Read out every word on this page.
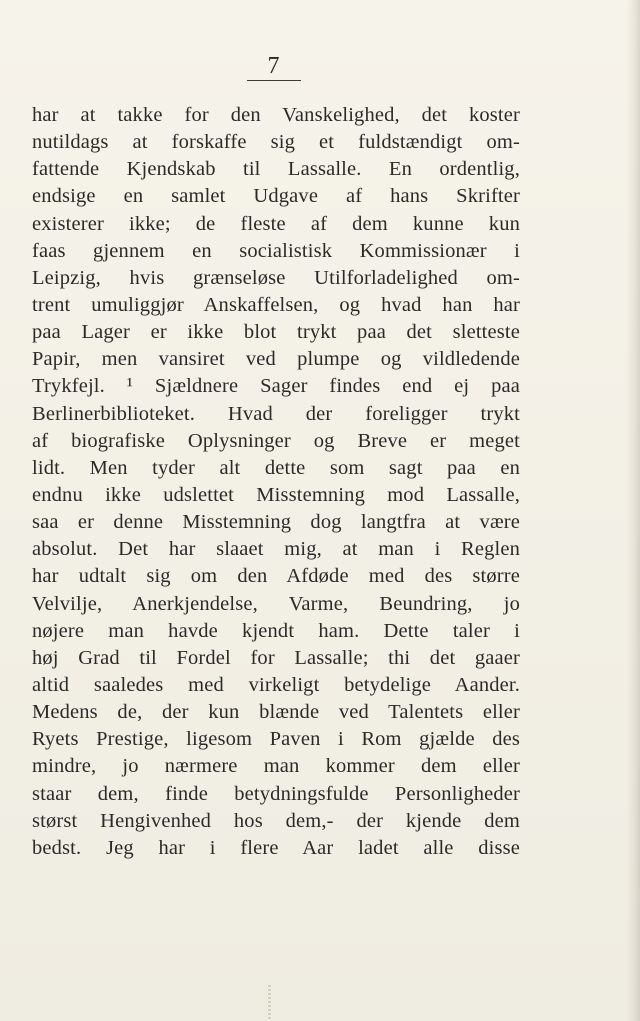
7
har at takke for den Vanskelighed, det koster
nutildags at forskaffe sig et fuldstændigt om-
fattende Kjendskab til Lassalle. En ordentlig,
endsige en samlet Udgave af hans Skrifter
existerer ikke; de fleste af dem kunne kun
faas gjennem en socialistisk Kommissionær i
Leipzig, hvis grænseløse Utilforladelighed om-
trent umuliggjør Anskaffelsen, og hvad han har
paa Lager er ikke blot trykt paa det sletteste
Papir, men vansiret ved plumpe og vildledende
Trykfejl. ¹ Sjældnere Sager findes end ej paa
Berlinerbiblioteket. Hvad der foreligger trykt
af biografiske Oplysninger og Breve er meget
lidt. Men tyder alt dette som sagt paa en
endnu ikke udslettet Misstemning mod Lassalle,
saa er denne Misstemning dog langtfra at være
absolut. Det har slaaet mig, at man i Reglen
har udtalt sig om den Afdøde med des større
Velvilje, Anerkjendelse, Varme, Beundring, jo
nøjere man havde kjendt ham. Dette taler i
høj Grad til Fordel for Lassalle; thi det gaaer
altid saaledes med virkeligt betydelige Aander.
Medens de, der kun blænde ved Talentets eller
Ryets Prestige, ligesom Paven i Rom gjælde des
mindre, jo nærmere man kommer dem eller
staar dem, finde betydningsfulde Personligheder
størst Hengivenhed hos dem,- der kjende dem
bedst. Jeg har i flere Aar ladet alle disse
